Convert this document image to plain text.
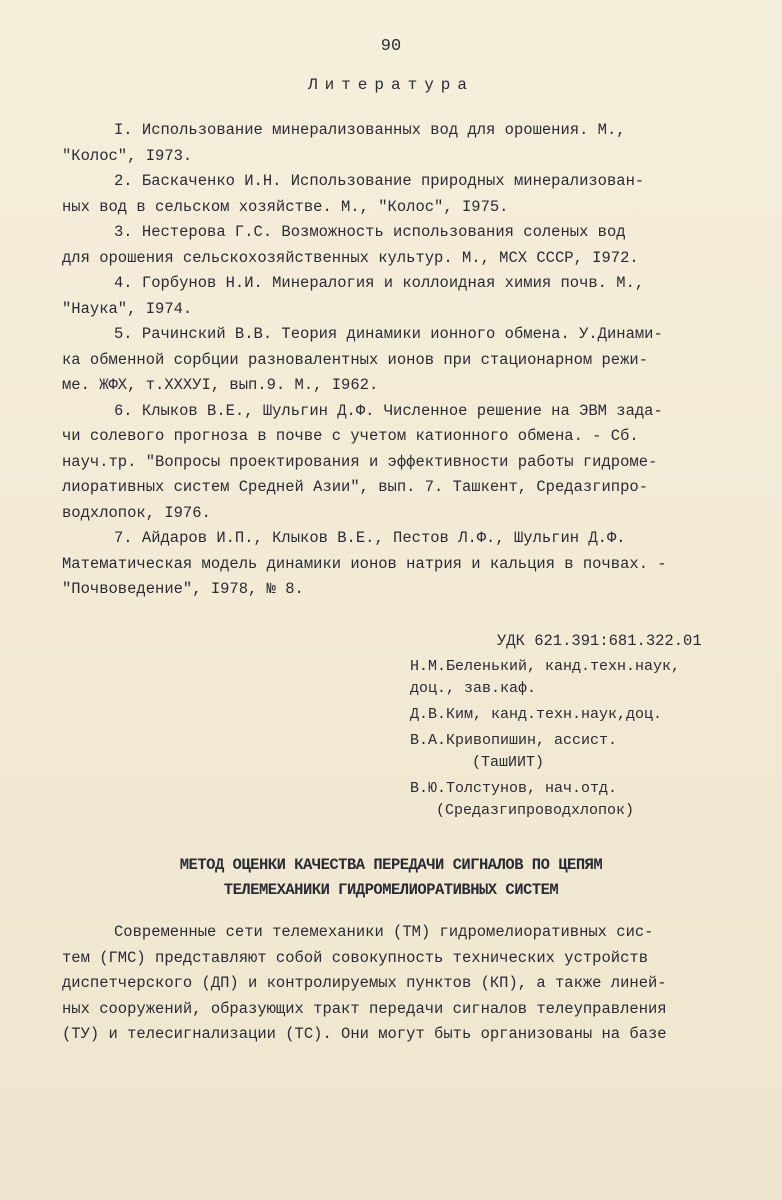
90
Литература

I. Использование минерализованных вод для орошения. М.,
"Колос", I973.

2. Баскаченко И.Н. Использование природных минерализован-
ных вод в сельском хозяйстве. М., "Колос", I975.

3. Нестерова Г.С. Возможность использования соленых вод
для орошения сельскохозяйственных культур. М., МСХ СССР, I972.

4. Горбунов Н.И. Минералогия и коллоидная химия почв. М.,
"Наука", I974.

5. Рачинский В.В. Теория динамики ионного обмена. У.Динами-
ка обменной сорбции разновалентных ионов при стационарном режи-
ме. ЖФХ, т.XXXУI, вып.9. М., I962.

6. Клыков В.Е., Шульгин Д.Ф. Численное решение на ЭВМ зада-
чи солевого прогноза в почве с учетом катионного обмена. - Сб.
науч.тр. "Вопросы проектирования и эффективности работы гидроме-
лиоративных систем Средней Азии", вып. 7. Ташкент, Средазгипро-
водхлопок, I976.

7. Айдаров И.П., Клыков В.Е., Пестов Л.Ф., Шульгин Д.Ф.
Математическая модель динамики ионов натрия и кальция в почвах. -
"Почвоведение", I978, № 8.

УДК 621.391:681.322.01

Н.М.Беленький, канд.техн.наук,

доц., зав.каф.

Д.В.Ким, канд.техн.наук,доц.

В.А.Кривопишин, ассист.

(ТашИИТ)

В.Ю.Толстунов, нач.отд.

(Средазгипроводхлопок)

МЕТОД ОЦЕНКИ КАЧЕСТВА ПЕРЕДАЧИ СИГНАЛОВ ПО ЦЕПЯМ
ТЕЛЕМЕХАНИКИ ГИДРОМЕЛИОРАТИВНЫХ СИСТЕМ

Современные сети телемеханики (ТМ) гидромелиоративных сис-
тем (ГМС) представляют собой совокупность технических устройств
диспетчерского (ДП) и контролируемых пунктов (КП), а также линей-
ных сооружений, образующих тракт передачи сигналов телеуправления
(ТУ) и телесигнализации (ТС). Они могут быть организованы на базе
